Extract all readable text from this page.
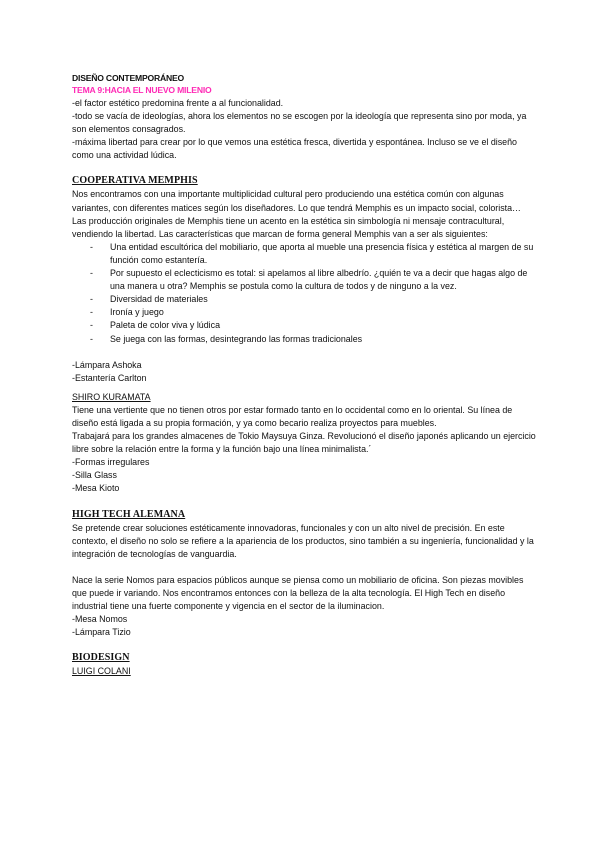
DISEÑO CONTEMPORÁNEO

TEMA 9:HACIA EL NUEVO MILENIO

-el factor estético predomina frente a al funcionalidad.

-todo se vacía de ideologías, ahora los elementos no se escogen por la ideología que representa sino por moda, ya son elementos consagrados.

-máxima libertad para crear por lo que vemos una estética fresca, divertida y espontánea. Incluso se ve el diseño como una actividad lúdica.

COOPERATIVA MEMPHIS

Nos encontramos con una importante multiplicidad cultural pero produciendo una estética común con algunas variantes, con diferentes matices según los diseñadores. Lo que tendrá Memphis es un impacto social, colorista…

Las producción originales de Memphis tiene un acento en la estética sin simbología ni mensaje contracultural, vendiendo la libertad. Las características que marcan de forma general Memphis van a ser als siguientes:

- Una entidad escultórica del mobiliario, que aporta al mueble una presencia física y estética al margen de su función como estantería.
- Por supuesto el eclecticismo es total: si apelamos al libre albedrío. ¿quién te va a decir que hagas algo de una manera u otra? Memphis se postula como la cultura de todos y de ninguno a la vez.
- Diversidad de materiales
- Ironía y juego
- Paleta de color viva y lúdica
- Se juega con las formas, desintegrando las formas tradicionales

-Lámpara Ashoka

-Estantería Carlton

SHIRO KURAMATA

Tiene una vertiente que no tienen otros por estar formado tanto en lo occidental como en lo oriental. Su línea de diseño está ligada a su propia formación, y ya como becario realiza proyectos para muebles.

Trabajará para los grandes almacenes de Tokio Maysuya Ginza. Revolucionó el diseño japonés aplicando un ejercicio libre sobre la relación entre la forma y la función bajo una línea minimalista.´

-Formas irregulares

-Silla Glass

-Mesa Kioto

HIGH TECH ALEMANA

Se pretende crear soluciones estéticamente innovadoras, funcionales y con un alto nivel de precisión. En este contexto, el diseño no solo se refiere a la apariencia de los productos, sino también a su ingeniería, funcionalidad y la integración de tecnologías de vanguardia.

Nace la serie Nomos para espacios públicos aunque se piensa como un mobiliario de oficina. Son piezas movibles que puede ir variando. Nos encontramos entonces con la belleza de la alta tecnología. El High Tech en diseño industrial tiene una fuerte componente y vigencia en el sector de la iluminacion.

-Mesa Nomos

-Lámpara Tizio

BIODESIGN

LUIGI COLANI
